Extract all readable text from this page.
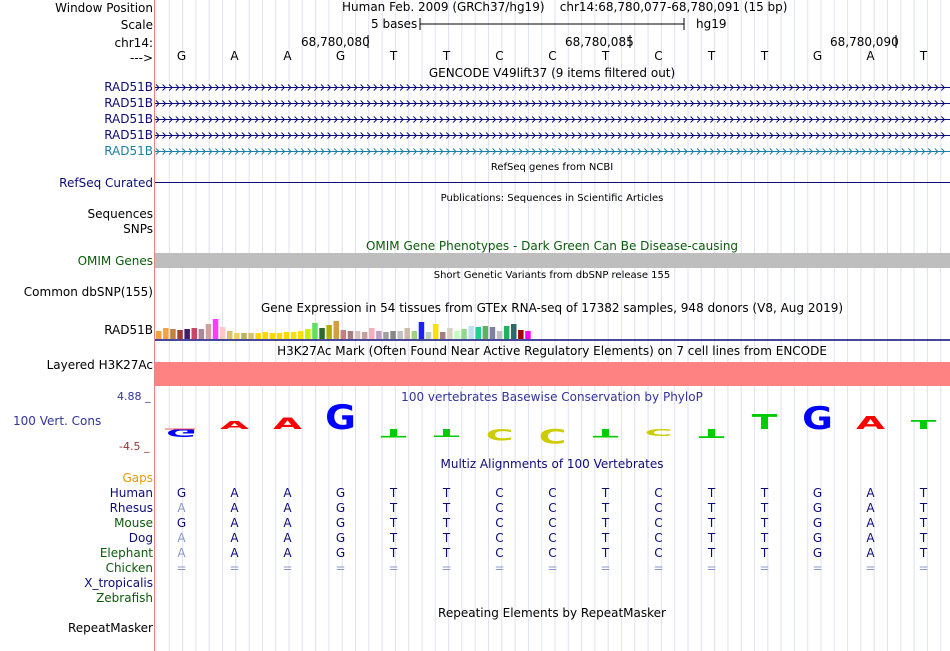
Window Position
Scale
chr14:
--->
Human Feb. 2009 (GRCh37/hg19) chr14:68,780,077-68,780,091 (15 bp)
5 bases	hg19
68,780,080	68,780,085	68,780,090
G	A	A	G	T	T	C	C	T	C	T	T	G	A	T
GENCODE V49lift37 (9 items filtered out)
RAD51B
RAD51B
RAD51B
RAD51B
RAD51B
RefSeq genes from NCBI
RefSeq Curated
Publications: Sequences in Scientific Articles
Sequences
SNPs
OMIM Gene Phenotypes - Dark Green Can Be Disease-causing
OMIM Genes
Short Genetic Variants from dbSNP release 155
Common dbSNP(155)
Gene Expression in 54 tissues from GTEx RNA-seq of 17382 samples, 948 donors (V8, Aug 2019)
RAD51B
H3K27Ac Mark (Often Found Near Active Regulatory Elements) on 7 cell lines from ENCODE
Layered H3K27Ac
100 vertebrates Basewise Conservation by PhyloP
4.88 _
100 Vert. Cons
-4.5 _
G
A A G T T C C T C T T G A T
Multiz Alignments of 100 Vertebrates
Gaps
Human G	A	A	G	T	T	C	C	T	C	T	T	G	A	T
Rhesus A	A	A	G	T	T	C	C	T	C	T	T	G	A	T
Mouse G	A	A	G	T	T	C	C	T	C	T	T	G	A	T
Dog A	A	A	G	T	T	C	C	T	C	T	T	G	A	T
Elephant A	A	A	G	T	T	C	C	T	C	T	T	G	A	T
Chicken =	=	=	=	=	=	=	=	=	=	=	=	=	=	=
X_tropicalis
Zebrafish
Repeating Elements by RepeatMasker
RepeatMasker
